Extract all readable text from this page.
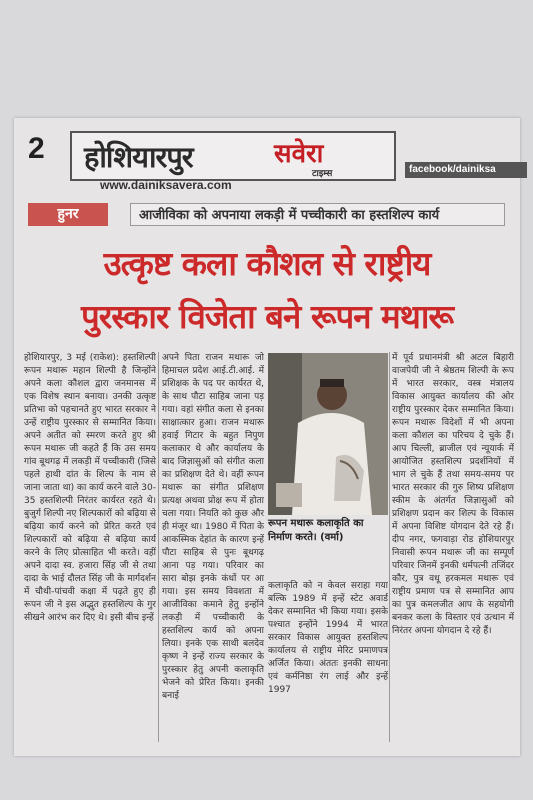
2 होशियारपुर	सवेरा
टाइम्स
www.dainiksavera.com
facebook/dainiksa
हुनर	आजीविका को अपनाया लकड़ी में पच्चीकारी का हस्तशिल्प कार्य
उत्कृष्ट कला कौशल से राष्ट्रीय
पुरस्कार विजेता बने रूपन मथारू
होशियारपुर, 3 मई (राकेश): हस्तशिल्पी रूपन मथारू महान शिल्पी है जिन्होंने अपने कला कौशल द्वारा जनमानस में एक विशेष स्थान बनाया। उनकी उत्कृष्ट प्रतिभा को पहचानते हुए भारत सरकार ने उन्हें राष्ट्रीय पुरस्कार से सम्मानित किया। अपने अतीत को स्मरण करते हुए श्री रूपन मथारू जी कहते हैं कि उस समय गांव बूथगढ़ में लकड़ी में पच्चीकारी (जिसे पहले हाथी दांत के शिल्प के नाम से जाना जाता था) का कार्य करने वाले 30-35 हस्तशिल्पी निरंतर कार्यरत रहते थे। बुजुर्ग शिल्पी नए शिल्पकारों को बढ़िया से बढ़िया कार्य करने को प्रेरित करते एवं शिल्पकारों को बढ़िया से बढ़िया कार्य करने के लिए प्रोत्साहित भी करते। वहीं अपने दादा स्व. हजारा सिंह जी से तथा दादा के भाई दौलत सिंह जी के मार्गदर्शन में चौथी-पांचवी कक्षा में पढ़ते हुए ही रूपन जी ने इस अद्भुत हस्तशिल्प के गुर सीखने आरंभ कर दिए थे। इसी बीच इन्हें
अपने पिता राजन मथारू जो हिमाचल प्रदेश आई.टी.आई. में प्रशिक्षक के पद पर कार्यरत थे, के साथ पौटा साहिब जाना पड़ गया। वहां संगीत कला से इनका साक्षात्कार हुआ। राजन मथारू हवाई गिटार के बहुत निपुण कलाकार थे और कार्यालय के बाद जिज्ञासुओं को संगीत कला का प्रशिक्षण देते थे। वहीं रूपन मथारू का संगीत प्रशिक्षण प्रत्यक्ष अथवा प्रोक्ष रूप में होता चला गया। नियति को कुछ और ही मंजूर था। 1980 में पिता के आकस्मिक देहांत के कारण इन्हें पौटा साहिब से पुनः बूथगढ़ आना पड़ गया। परिवार का सारा बोझ इनके कंधों पर आ गया। इस समय विवशता में आजीविका कमाने हेतु इन्होंने लकड़ी में पच्चीकारी के हस्तशिल्प कार्य को अपना लिया। इनके एक साथी बलदेव कृष्ण ने इन्हें राज्य सरकार के पुरस्कार हेतु अपनी कलाकृति भेजने को प्रेरित किया। इनकी बनाई
रूपन मथारू कलाकृति का निर्माण करते। (वर्मा)
कलाकृति को न केवल सराहा गया बल्कि 1989 में इन्हें स्टेट अवार्ड देकर सम्मानित भी किया गया। इसके पश्चात इन्होंने 1994 में भारत सरकार विकास आयुक्त हस्तशिल्प कार्यालय से राष्ट्रीय मेरिट प्रमाणपत्र अर्जित किया। अंततः इनकी साधना एवं कर्मनिष्ठा रंग लाई और इन्हें 1997
में पूर्व प्रधानमंत्री श्री अटल बिहारी वाजपेयी जी ने श्रेष्ठतम शिल्पी के रूप में भारत सरकार, वस्त्र मंत्रालय विकास आयुक्त कार्यालय की ओर राष्ट्रीय पुरस्कार देकर सम्मानित किया। रूपन मथारू विदेशों में भी अपना कला कौशल का परिचय दे चुके हैं। आप चिल्ली, ब्राजील एवं न्यूयार्क में आयोजित हस्तशिल्प प्रदर्शनियों में भाग ले चुके हैं तथा समय-समय पर भारत सरकार की गुरु शिष्य प्रशिक्षण स्कीम के अंतर्गत जिज्ञासुओं को प्रशिक्षण प्रदान कर शिल्प के विकास में अपना विशिष्ट योगदान देते रहे हैं। दीप नगर, फगवाड़ा रोड होशियारपुर निवासी रूपन मथारू जी का सम्पूर्ण परिवार जिनमें इनकी धर्मपत्नी तजिंदर कौर, पुत्र वधू हरकमल मथारू एवं राष्ट्रीय प्रमाण पत्र से सम्मानित आप का पुत्र कमलजीत आप के सहयोगी बनकर कला के विस्तार एवं उत्थान में निरंतर अपना योगदान दे रहे हैं।
